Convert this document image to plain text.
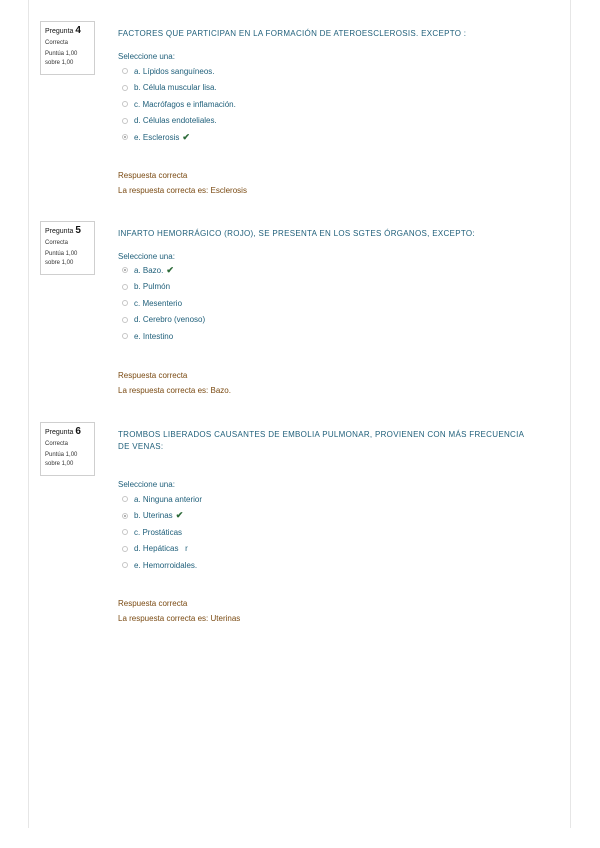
Pregunta 4
Correcta
Puntúa 1,00
sobre 1,00
FACTORES QUE PARTICIPAN EN LA FORMACIÓN DE ATEROESCLEROSIS. EXCEPTO :
Seleccione una:
a. Lípidos sanguíneos.
b. Célula muscular lisa.
c. Macrófagos e inflamación.
d. Células endoteliales.
e. Esclerosis ✔
Respuesta correcta
La respuesta correcta es: Esclerosis
Pregunta 5
Correcta
Puntúa 1,00
sobre 1,00
INFARTO HEMORRÁGICO (ROJO), SE PRESENTA EN LOS SGTES ÓRGANOS, EXCEPTO:
Seleccione una:
a. Bazo. ✔
b. Pulmón
c. Mesenterio
d. Cerebro (venoso)
e. Intestino
Respuesta correcta
La respuesta correcta es: Bazo.
Pregunta 6
Correcta
Puntúa 1,00
sobre 1,00
TROMBOS LIBERADOS CAUSANTES DE EMBOLIA PULMONAR, PROVIENEN CON MÁS FRECUENCIA DE VENAS:
Seleccione una:
a. Ninguna anterior
b. Uterinas ✔
c. Prostáticas
d. Hepáticas   r
e. Hemorroidales.
Respuesta correcta
La respuesta correcta es: Uterinas
